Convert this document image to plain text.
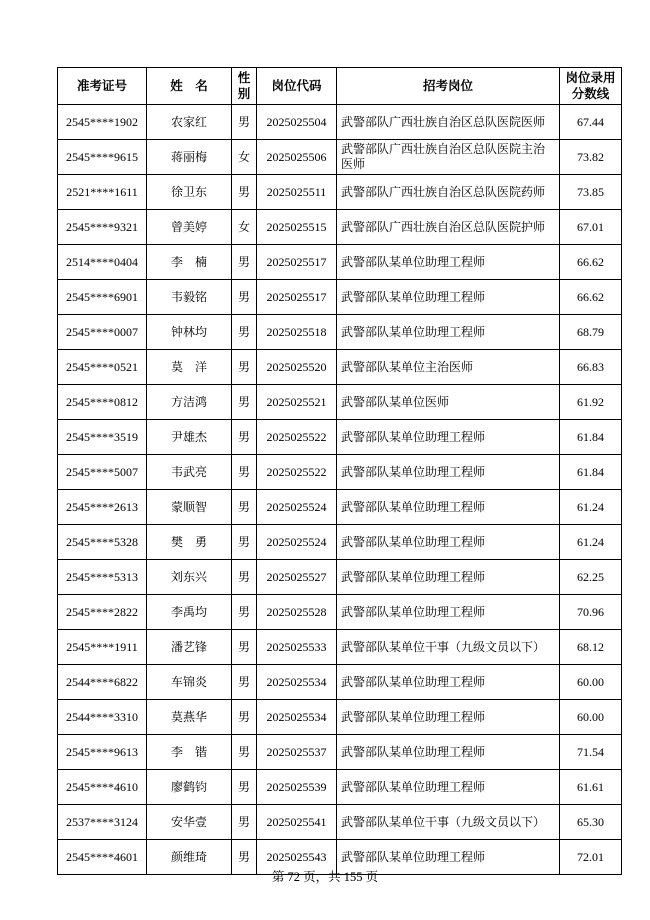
准考证号	姓　名	性别	岗位代码	招考岗位	岗位录用分数线
2545****1902	农家红	男	2025025504	武警部队广西壮族自治区总队医院医师	67.44
2545****9615	蒋丽梅	女	2025025506	武警部队广西壮族自治区总队医院主治医师	73.82
2521****1611	徐卫东	男	2025025511	武警部队广西壮族自治区总队医院药师	73.85
2545****9321	曾美婷	女	2025025515	武警部队广西壮族自治区总队医院护师	67.01
2514****0404	李　楠	男	2025025517	武警部队某单位助理工程师	66.62
2545****6901	韦毅铭	男	2025025517	武警部队某单位助理工程师	66.62
2545****0007	钟林均	男	2025025518	武警部队某单位助理工程师	68.79
2545****0521	莫　洋	男	2025025520	武警部队某单位主治医师	66.83
2545****0812	方洁鸿	男	2025025521	武警部队某单位医师	61.92
2545****3519	尹雄杰	男	2025025522	武警部队某单位助理工程师	61.84
2545****5007	韦武亮	男	2025025522	武警部队某单位助理工程师	61.84
2545****2613	蒙顺智	男	2025025524	武警部队某单位助理工程师	61.24
2545****5328	樊　勇	男	2025025524	武警部队某单位助理工程师	61.24
2545****5313	刘东兴	男	2025025527	武警部队某单位助理工程师	62.25
2545****2822	李禹均	男	2025025528	武警部队某单位助理工程师	70.96
2545****1911	潘艺锋	男	2025025533	武警部队某单位干事（九级文员以下）	68.12
2544****6822	车锦炎	男	2025025534	武警部队某单位助理工程师	60.00
2544****3310	莫燕华	男	2025025534	武警部队某单位助理工程师	60.00
2545****9613	李　锴	男	2025025537	武警部队某单位助理工程师	71.54
2545****4610	廖鹤钧	男	2025025539	武警部队某单位助理工程师	61.61
2537****3124	安华壹	男	2025025541	武警部队某单位干事（九级文员以下）	65.30
2545****4601	颜维琦	男	2025025543	武警部队某单位助理工程师	72.01
第 72 页，共 155 页
